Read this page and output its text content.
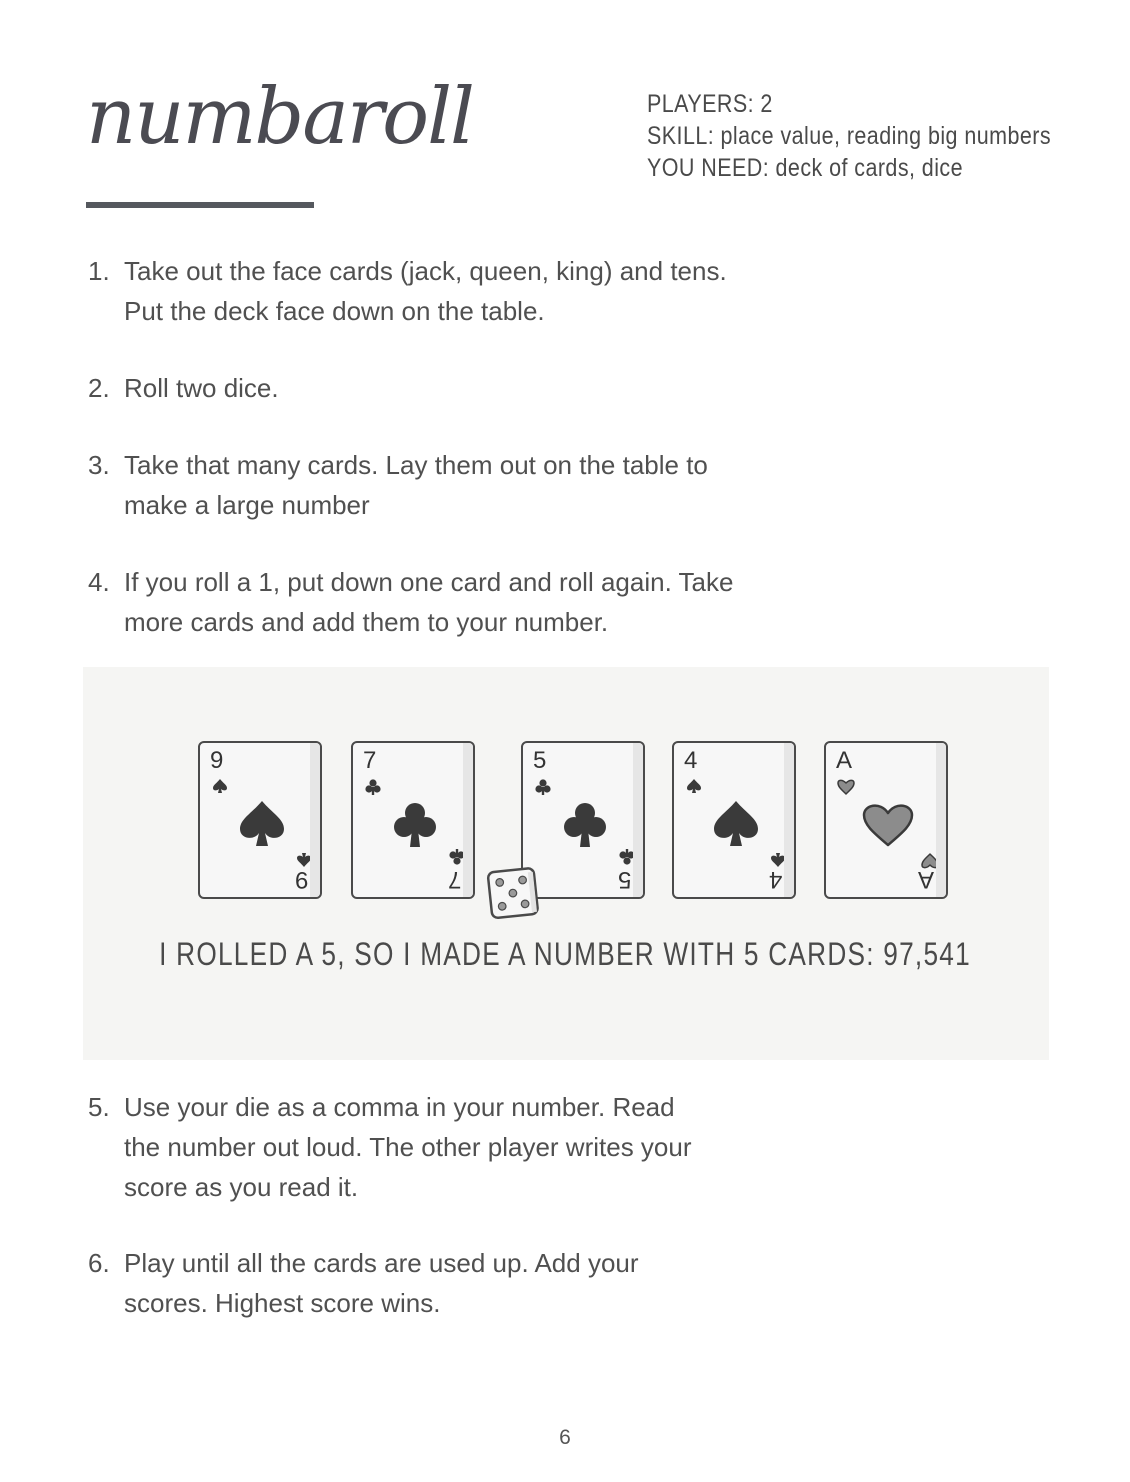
numbaroll	PLAYERS: 2
SKILL: place value, reading big numbers
YOU NEED: deck of cards, dice
1. Take out the face cards (jack, queen, king) and tens.
Put the deck face down on the table.
2. Roll two dice.
3. Take that many cards. Lay them out on the table to
make a large number
4. If you roll a 1, put down one card and roll again. Take
more cards and add them to your number.
9
9
7
7
5
5
4
4
A
A
I ROLLED A 5, SO I MADE A NUMBER WITH 5 CARDS: 97,541
5. Use your die as a comma in your number. Read
the number out loud. The other player writes your
score as you read it.
6. Play until all the cards are used up. Add your
scores. Highest score wins.
6
